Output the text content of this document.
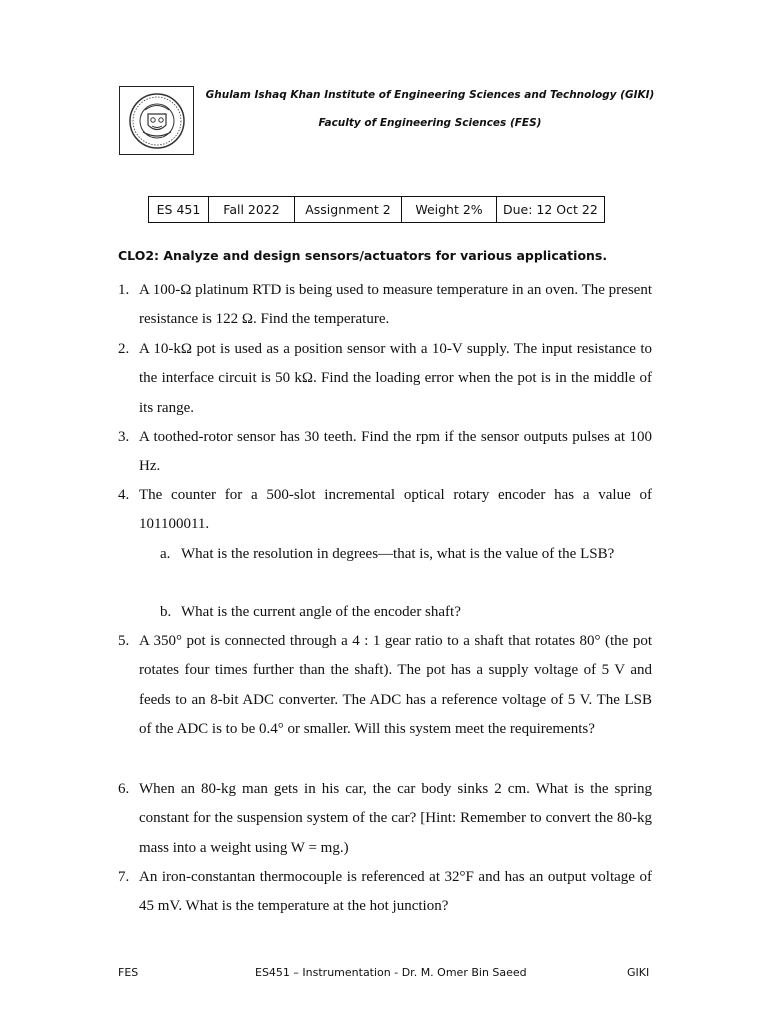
Ghulam Ishaq Khan Institute of Engineering Sciences and Technology (GIKI)
Faculty of Engineering Sciences (FES)
ES 451	Fall 2022	Assignment 2	Weight 2%	Due: 12 Oct 22
CLO2: Analyze and design sensors/actuators for various applications.
1. A 100-Ω platinum RTD is being used to measure temperature in an oven. The present resistance is 122 Ω. Find the temperature.
2. A 10-kΩ pot is used as a position sensor with a 10-V supply. The input resistance to the interface circuit is 50 kΩ. Find the loading error when the pot is in the middle of its range.
3. A toothed-rotor sensor has 30 teeth. Find the rpm if the sensor outputs pulses at 100 Hz.
4. The counter for a 500-slot incremental optical rotary encoder has a value of 101100011.
a. What is the resolution in degrees—that is, what is the value of the LSB?
b. What is the current angle of the encoder shaft?
5. A 350° pot is connected through a 4 : 1 gear ratio to a shaft that rotates 80° (the pot rotates four times further than the shaft). The pot has a supply voltage of 5 V and feeds to an 8-bit ADC converter. The ADC has a reference voltage of 5 V. The LSB of the ADC is to be 0.4° or smaller. Will this system meet the requirements?
6. When an 80-kg man gets in his car, the car body sinks 2 cm. What is the spring constant for the suspension system of the car? [Hint: Remember to convert the 80-kg mass into a weight using W = mg.)
7. An iron-constantan thermocouple is referenced at 32°F and has an output voltage of 45 mV. What is the temperature at the hot junction?
FES	ES451 – Instrumentation - Dr. M. Omer Bin Saeed	GIKI
